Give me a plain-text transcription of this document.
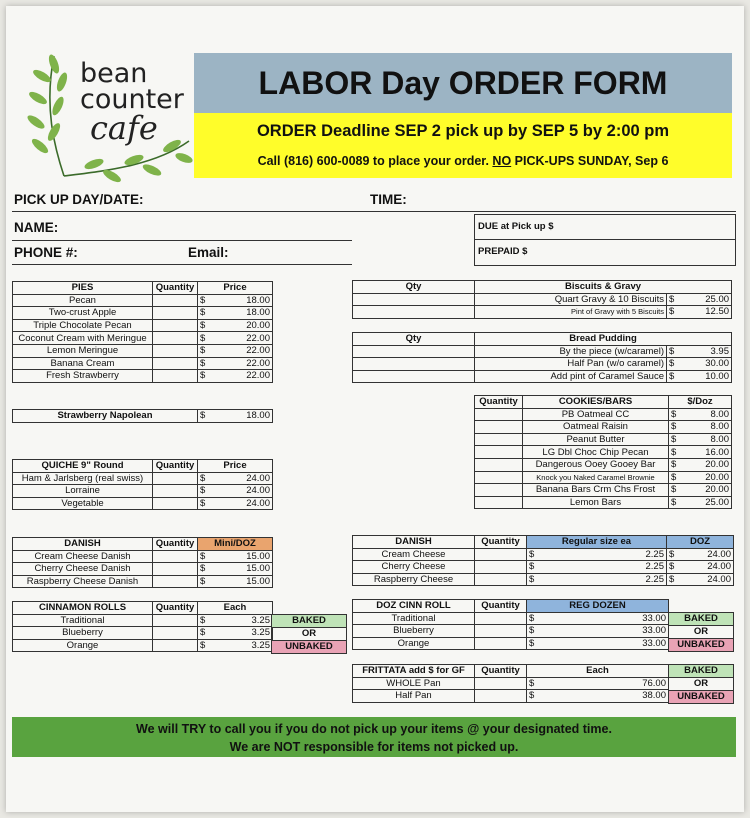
bean
counter
cafe
LABOR Day ORDER FORM
ORDER Deadline SEP 2 pick up by SEP 5 by 2:00 pm
Call (816) 600-0089 to place your order. NO PICK-UPS SUNDAY, Sep 6
PICK UP DAY/DATE:	TIME:
NAME:
PHONE #:	Email:
DUE at Pick up $
PREPAID $
PIES	Quantity	Price
Pecan		$ 18.00

Two-crust Apple		$ 18.00

Triple Chocolate Pecan		$ 20.00

Coconut Cream with Meringue		$ 22.00

Lemon Meringue		$ 22.00

Banana Cream		$ 22.00

Fresh Strawberry		$ 22.00
Strawberry Napolean	$	18.00
QUICHE 9" Round	Quantity	Price
Ham & Jarlsberg (real swiss)		$ 24.00

Lorraine		$ 24.00

Vegetable		$ 24.00
DANISH	Quantity	Mini/DOZ
Cream Cheese Danish		$ 15.00

Cherry Cheese Danish		$ 15.00

Raspberry Cheese Danish		$ 15.00
CINNAMON ROLLS	Quantity	Each
Traditional		$ 3.25

Blueberry		$ 3.25

Orange		$ 3.25
BAKED
OR
UNBAKED
Qty	Biscuits & Gravy	
	Quart Gravy & 10 Biscuits	$ 25.00

	Pint of Gravy with 5 Biscuits	$ 12.50
Qty	Bread Pudding	
	By the piece (w/caramel)	$ 3.95

	Half Pan (w/o caramel)	$ 30.00

	Add pint of Caramel Sauce	$ 10.00
Quantity	COOKIES/BARS	$/Doz
	PB Oatmeal CC	$ 8.00

	Oatmeal Raisin	$ 8.00

	Peanut Butter	$ 8.00

	LG Dbl Choc Chip Pecan	$ 16.00

	Dangerous Ooey Gooey Bar	$ 20.00

	Knock you Naked Caramel Brownie	$ 20.00

	Banana Bars Crm Chs Frost	$ 20.00

	Lemon Bars	$ 25.00
DANISH	Quantity	Regular size ea	DOZ
Cream Cheese		$ 2.25	$ 24.00

Cherry Cheese		$ 2.25	$ 24.00

Raspberry Cheese		$ 2.25	$ 24.00
DOZ CINN ROLL	Quantity	REG DOZEN
Traditional		$ 33.00

Blueberry		$ 33.00

Orange		$ 33.00
BAKED
OR
UNBAKED
FRITTATA add $ for GF	Quantity	Each
WHOLE Pan		$ 76.00

Half Pan		$ 38.00
BAKED
OR
UNBAKED
We will TRY to call you if you do not pick up your items @ your designated time.
We are NOT responsible for items not picked up.
